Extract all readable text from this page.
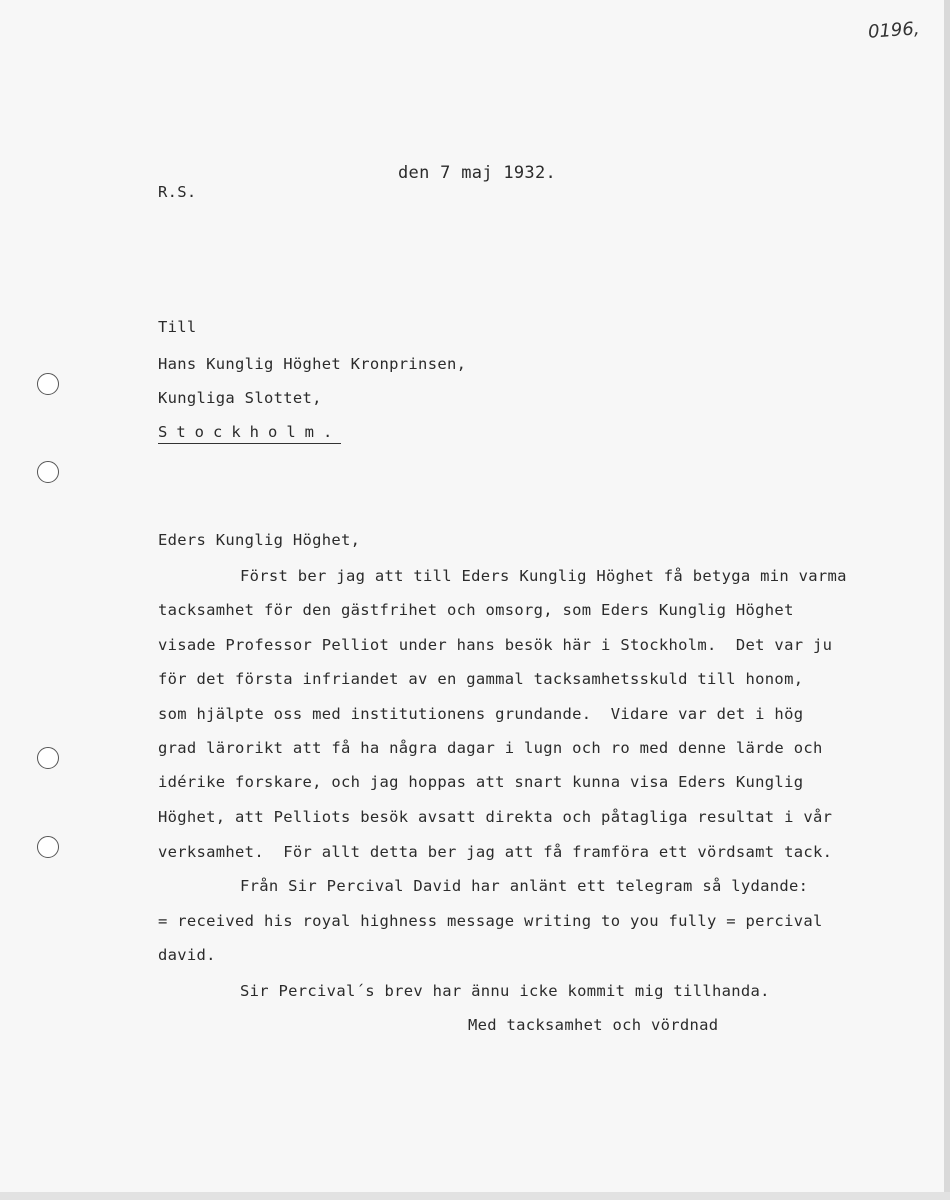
0196,
den 7 maj 1932.
R.S.
Till
Hans Kunglig Höghet Kronprinsen,
Kungliga Slottet,
Stockholm.
Eders Kunglig Höghet,
Först ber jag att till Eders Kunglig Höghet få betyga min varma
tacksamhet för den gästfrihet och omsorg, som Eders Kunglig Höghet
visade Professor Pelliot under hans besök här i Stockholm.  Det var ju
för det första infriandet av en gammal tacksamhetsskuld till honom,
som hjälpte oss med institutionens grundande.  Vidare var det i hög
grad lärorikt att få ha några dagar i lugn och ro med denne lärde och
idérike forskare, och jag hoppas att snart kunna visa Eders Kunglig
Höghet, att Pelliots besök avsatt direkta och påtagliga resultat i vår
verksamhet.  För allt detta ber jag att få framföra ett vördsamt tack.
Från Sir Percival David har anlänt ett telegram så lydande:
= received his royal highness message writing to you fully = percival
david.
Sir Percival´s brev har ännu icke kommit mig tillhanda.
Med tacksamhet och vördnad
